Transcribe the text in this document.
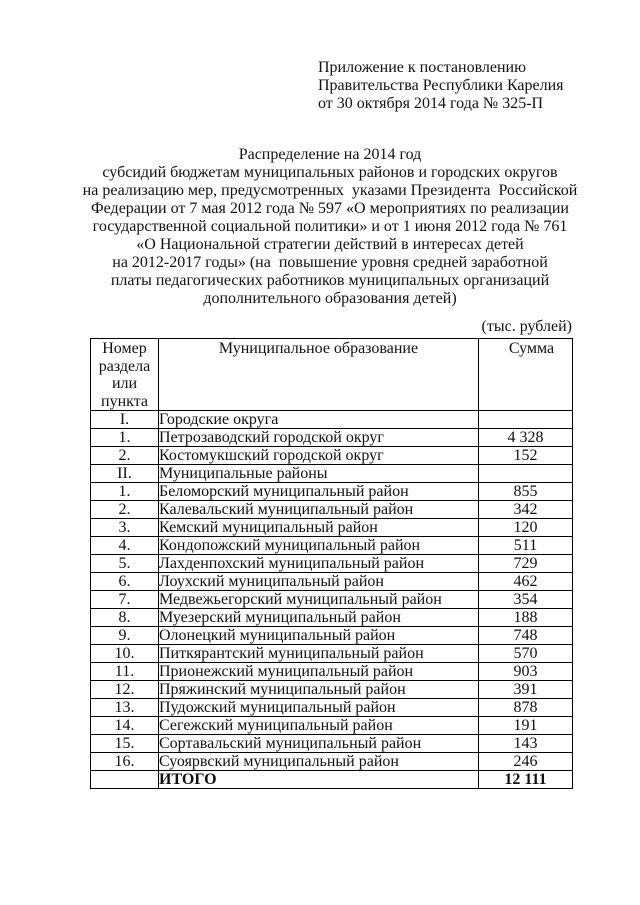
Приложение к постановлению
Правительства Республики Карелия
от 30 октября 2014 года № 325-П
Распределение на 2014 год
субсидий бюджетам муниципальных районов и городских округов
на реализацию мер, предусмотренных  указами Президента  Российской
Федерации от 7 мая 2012 года № 597 «О мероприятиях по реализации
государственной социальной политики» и от 1 июня 2012 года № 761
«О Национальной стратегии действий в интересах детей
на 2012-2017 годы» (на  повышение уровня средней заработной
платы педагогических работников муниципальных организаций
дополнительного образования детей)
(тыс. рублей)
Номер
раздела
или
пункта	Муниципальное образование	Сумма
I.	Городские округа	
1.	Петрозаводский городской округ	4 328
2.	Костомукшский городской округ	152
II.	Муниципальные районы	
1.	Беломорский муниципальный район	855
2.	Калевальский муниципальный район	342
3.	Кемский муниципальный район	120
4.	Кондопожский муниципальный район	511
5.	Лахденпохский муниципальный район	729
6.	Лоухский муниципальный район	462
7.	Медвежьегорский муниципальный район	354
8.	Муезерский муниципальный район	188
9.	Олонецкий муниципальный район	748
10.	Питкярантский муниципальный район	570
11.	Прионежский муниципальный район	903
12.	Пряжинский муниципальный район	391
13.	Пудожский муниципальный район	878
14.	Сегежский муниципальный район	191
15.	Сортавальский муниципальный район	143
16.	Суоярвский муниципальный район	246
	ИТОГО	12 111
